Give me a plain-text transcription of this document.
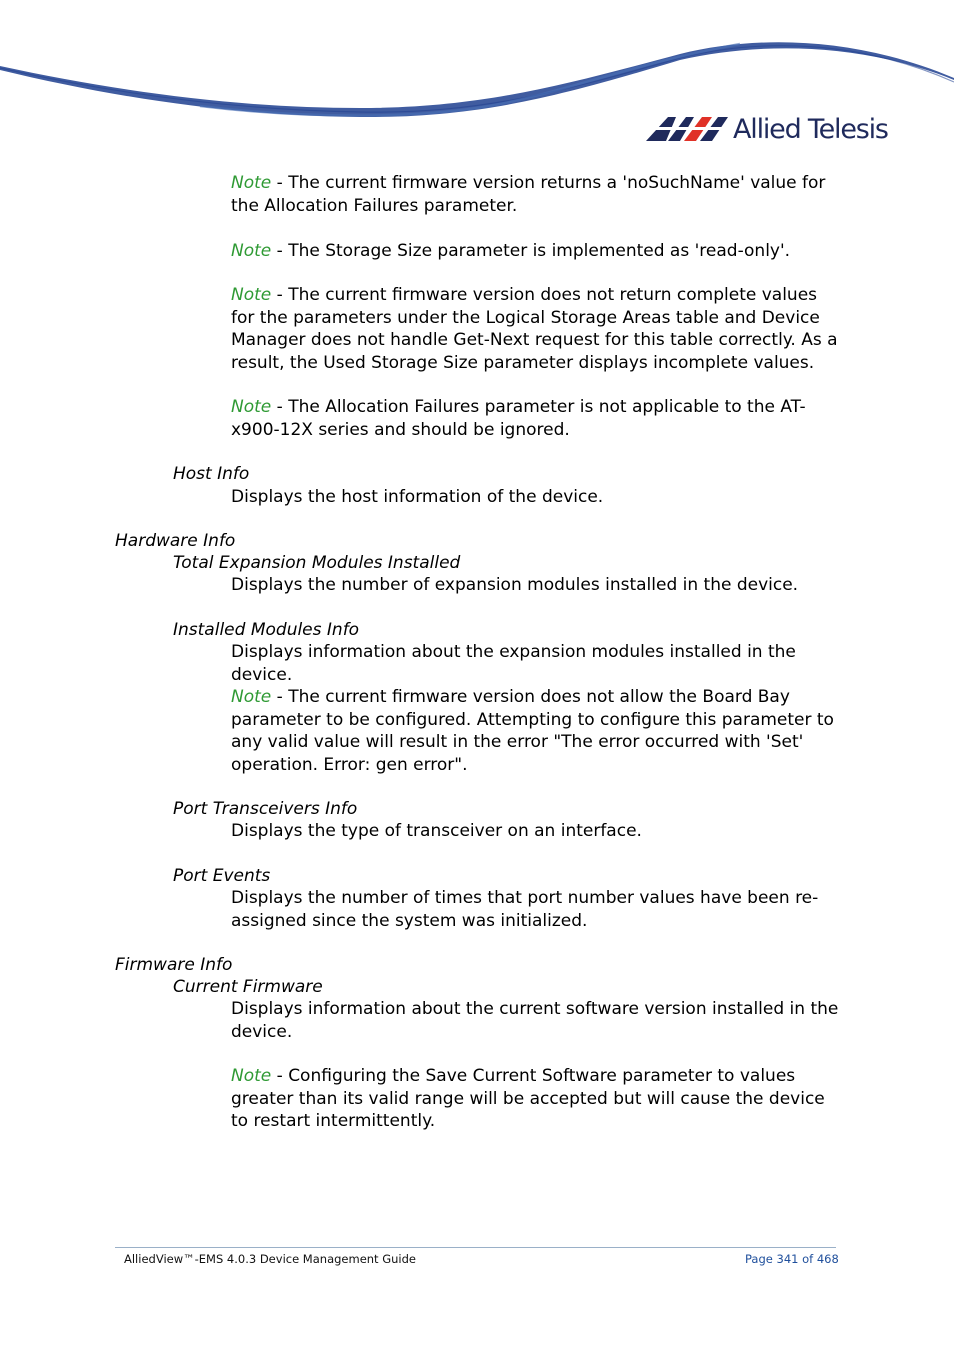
Allied Telesis
Note - The current firmware version returns a 'noSuchName' value for the Allocation Failures parameter.
Note - The Storage Size parameter is implemented as 'read-only'.
Note - The current firmware version does not return complete values for the parameters under the Logical Storage Areas table and Device Manager does not handle Get-Next request for this table correctly. As a result, the Used Storage Size parameter displays incomplete values.
Note - The Allocation Failures parameter is not applicable to the AT-x900-12X series and should be ignored.
Host Info
Displays the host information of the device.
Hardware Info
Total Expansion Modules Installed
Displays the number of expansion modules installed in the device.
Installed Modules Info
Displays information about the expansion modules installed in the device.
Note - The current firmware version does not allow the Board Bay parameter to be configured. Attempting to configure this parameter to any valid value will result in the error "The error occurred with 'Set' operation. Error: gen error".
Port Transceivers Info
Displays the type of transceiver on an interface.
Port Events
Displays the number of times that port number values have been re-assigned since the system was initialized.
Firmware Info
Current Firmware
Displays information about the current software version installed in the device.
Note - Configuring the Save Current Software parameter to values greater than its valid range will be accepted but will cause the device to restart intermittently.
AlliedView™-EMS 4.0.3 Device Management Guide	Page 341 of 468
